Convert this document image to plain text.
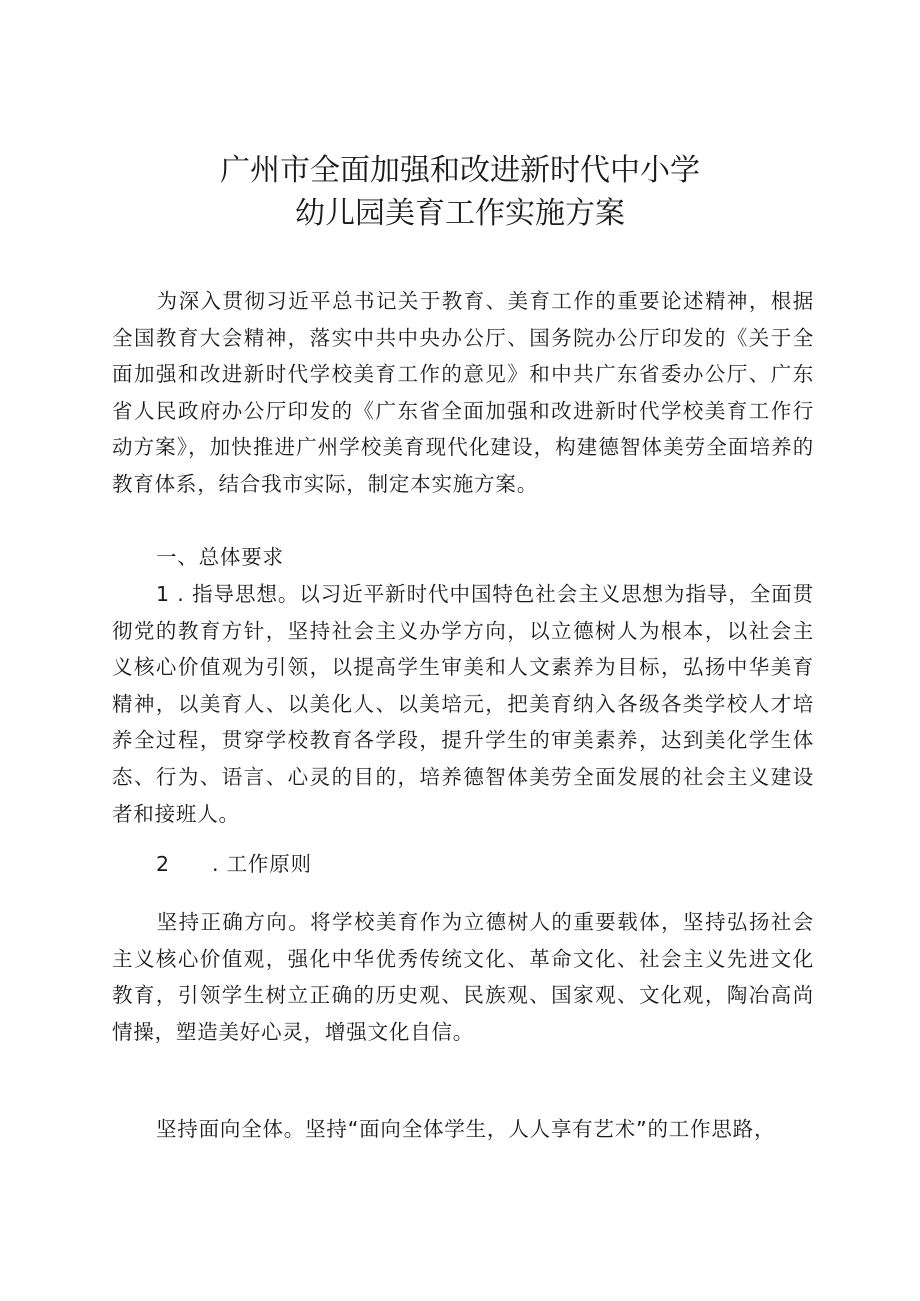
广州市全面加强和改进新时代中小学
幼儿园美育工作实施方案

为深入贯彻习近平总书记关于教育、美育工作的重要论述精神，根据全国教育大会精神，落实中共中央办公厅、国务院办公厅印发的《关于全面加强和改进新时代学校美育工作的意见》和中共广东省委办公厅、广东省人民政府办公厅印发的《广东省全面加强和改进新时代学校美育工作行动方案》，加快推进广州学校美育现代化建设，构建德智体美劳全面培养的教育体系，结合我市实际，制定本实施方案。

一、总体要求

1 . 指导思想。以习近平新时代中国特色社会主义思想为指导，全面贯彻党的教育方针，坚持社会主义办学方向，以立德树人为根本，以社会主义核心价值观为引领，以提高学生审美和人文素养为目标，弘扬中华美育精神，以美育人、以美化人、以美培元，把美育纳入各级各类学校人才培养全过程，贯穿学校教育各学段，提升学生的审美素养，达到美化学生体态、行为、语言、心灵的目的，培养德智体美劳全面发展的社会主义建设者和接班人。

2 . 工作原则

坚持正确方向。将学校美育作为立德树人的重要载体，坚持弘扬社会主义核心价值观，强化中华优秀传统文化、革命文化、社会主义先进文化教育，引领学生树立正确的历史观、民族观、国家观、文化观，陶冶高尚情操，塑造美好心灵，增强文化自信。

坚持面向全体。坚持“面向全体学生，人人享有艺术”的工作思路，
